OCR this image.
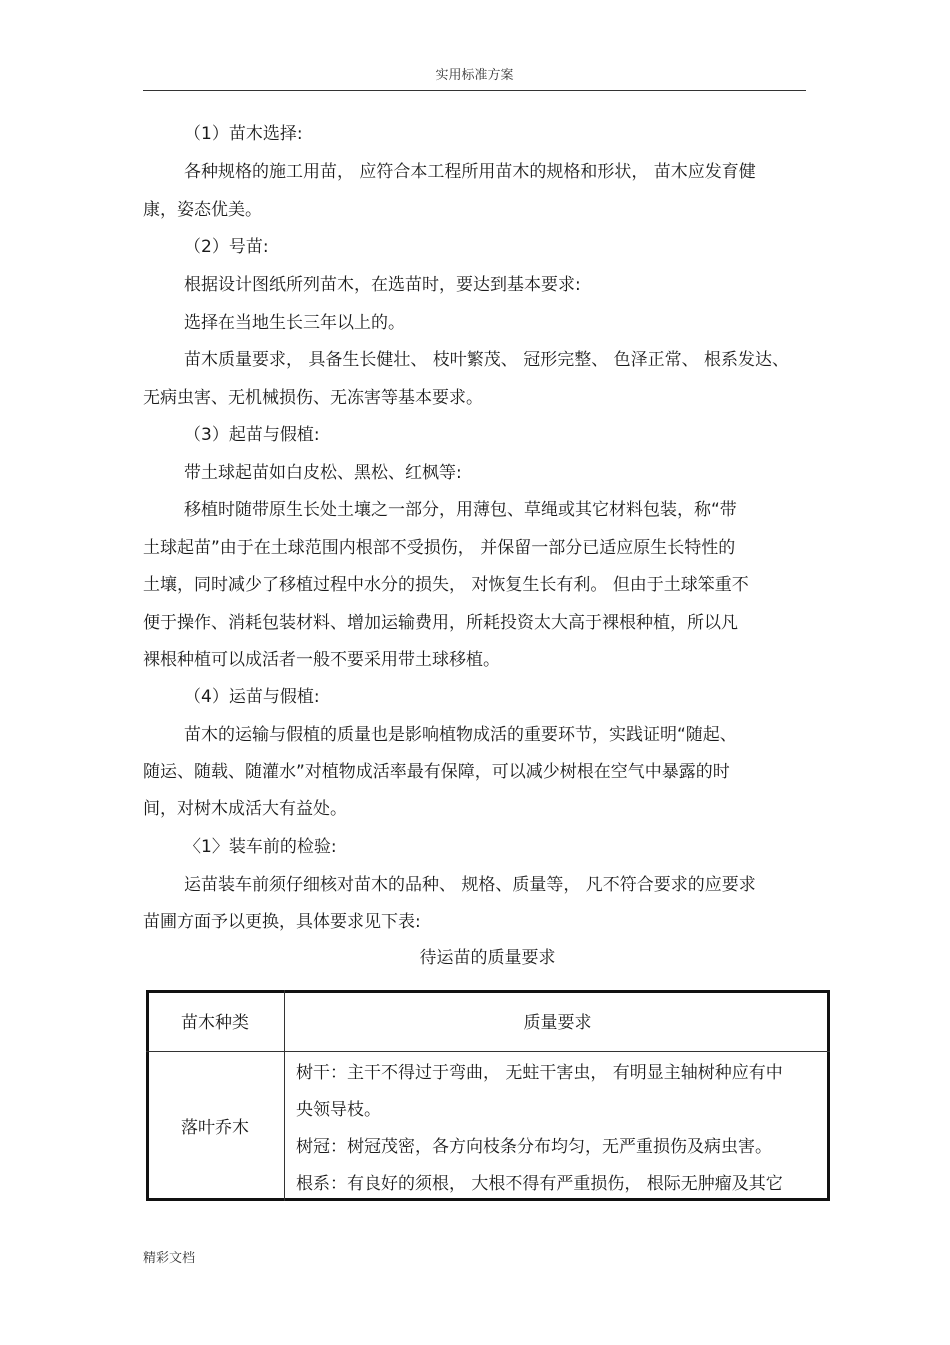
实用标准方案
（1）苗木选择:
各种规格的施工用苗， 应符合本工程所用苗木的规格和形状， 苗木应发育健
康，姿态优美。
（2）号苗:
根据设计图纸所列苗木，在选苗时，要达到基本要求:
选择在当地生长三年以上的。
苗木质量要求， 具备生长健壮、 枝叶繁茂、 冠形完整、 色泽正常、 根系发达、
无病虫害、无机械损伤、无冻害等基本要求。
（3）起苗与假植:
带土球起苗如白皮松、黑松、红枫等:
移植时随带原生长处土壤之一部分，用薄包、草绳或其它材料包装，称“带
土球起苗”由于在土球范围内根部不受损伤， 并保留一部分已适应原生长特性的
土壤，同时减少了移植过程中水分的损失， 对恢复生长有利。 但由于土球笨重不
便于操作、消耗包装材料、增加运输费用，所耗投资太大高于裸根种植，所以凡
裸根种植可以成活者一般不要采用带土球移植。
（4）运苗与假植:
苗木的运输与假植的质量也是影响植物成活的重要环节，实践证明“随起、
随运、随载、随灌水”对植物成活率最有保障，可以减少树根在空气中暴露的时
间，对树木成活大有益处。
〈1〉装车前的检验:
运苗装车前须仔细核对苗木的品种、 规格、质量等， 凡不符合要求的应要求
苗圃方面予以更换，具体要求见下表:
待运苗的质量要求
苗木种类	质量要求
落叶乔木
树干：主干不得过于弯曲， 无蛀干害虫， 有明显主轴树种应有中
央领导枝。
树冠：树冠茂密，各方向枝条分布均匀，无严重损伤及病虫害。
根系：有良好的须根， 大根不得有严重损伤， 根际无肿瘤及其它
精彩文档
